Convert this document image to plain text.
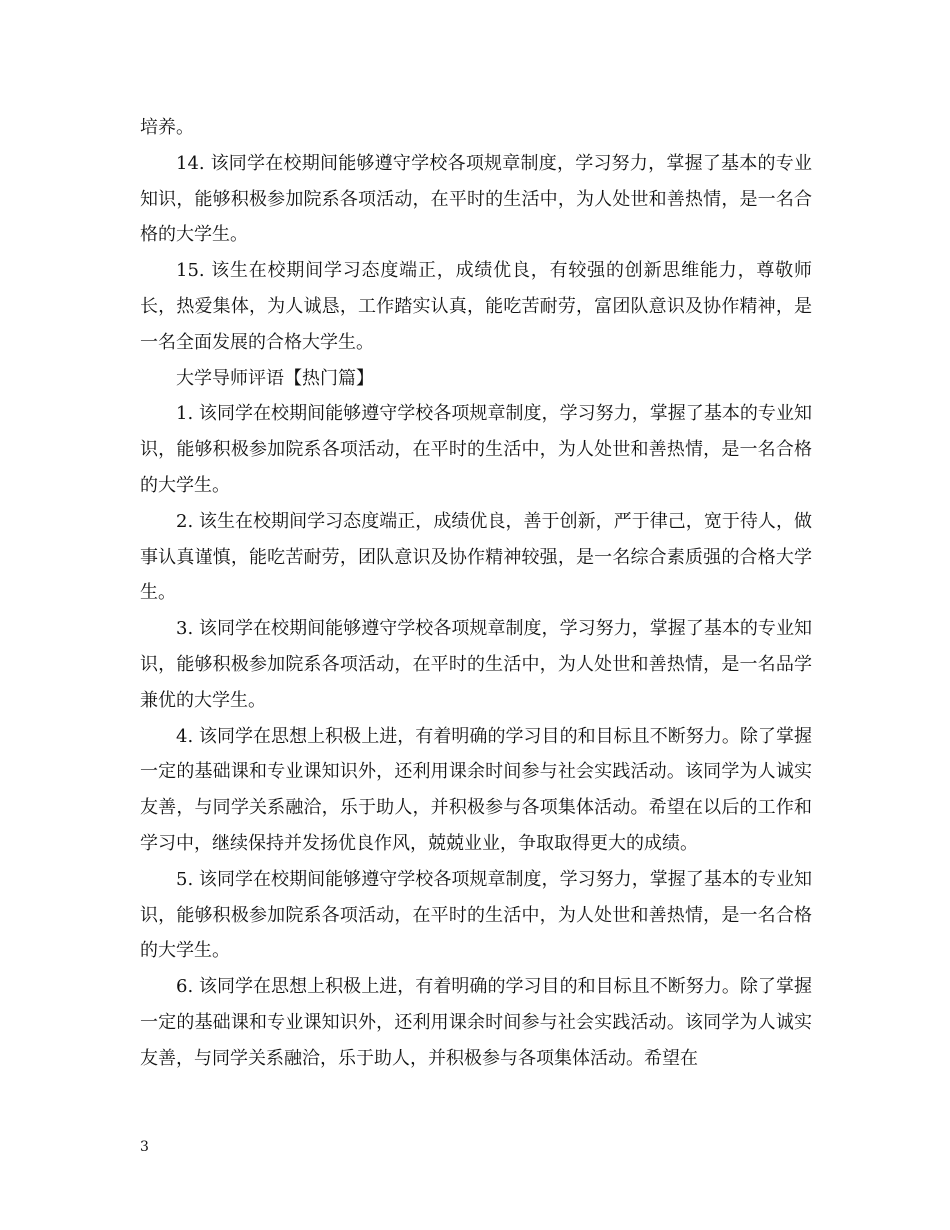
培养。

14. 该同学在校期间能够遵守学校各项规章制度，学习努力，掌握了基本的专业知识，能够积极参加院系各项活动，在平时的生活中，为人处世和善热情，是一名合格的大学生。

15. 该生在校期间学习态度端正，成绩优良，有较强的创新思维能力，尊敬师长，热爱集体，为人诚恳，工作踏实认真，能吃苦耐劳，富团队意识及协作精神，是一名全面发展的合格大学生。

大学导师评语【热门篇】

1. 该同学在校期间能够遵守学校各项规章制度，学习努力，掌握了基本的专业知识，能够积极参加院系各项活动，在平时的生活中，为人处世和善热情，是一名合格的大学生。

2. 该生在校期间学习态度端正，成绩优良，善于创新，严于律己，宽于待人，做事认真谨慎，能吃苦耐劳，团队意识及协作精神较强，是一名综合素质强的合格大学生。

3. 该同学在校期间能够遵守学校各项规章制度，学习努力，掌握了基本的专业知识，能够积极参加院系各项活动，在平时的生活中，为人处世和善热情，是一名品学兼优的大学生。

4. 该同学在思想上积极上进，有着明确的学习目的和目标且不断努力。除了掌握一定的基础课和专业课知识外，还利用课余时间参与社会实践活动。该同学为人诚实友善，与同学关系融洽，乐于助人，并积极参与各项集体活动。希望在以后的工作和学习中，继续保持并发扬优良作风，兢兢业业，争取取得更大的成绩。

5. 该同学在校期间能够遵守学校各项规章制度，学习努力，掌握了基本的专业知识，能够积极参加院系各项活动，在平时的生活中，为人处世和善热情，是一名合格的大学生。

6. 该同学在思想上积极上进，有着明确的学习目的和目标且不断努力。除了掌握一定的基础课和专业课知识外，还利用课余时间参与社会实践活动。该同学为人诚实友善，与同学关系融洽，乐于助人，并积极参与各项集体活动。希望在

3
